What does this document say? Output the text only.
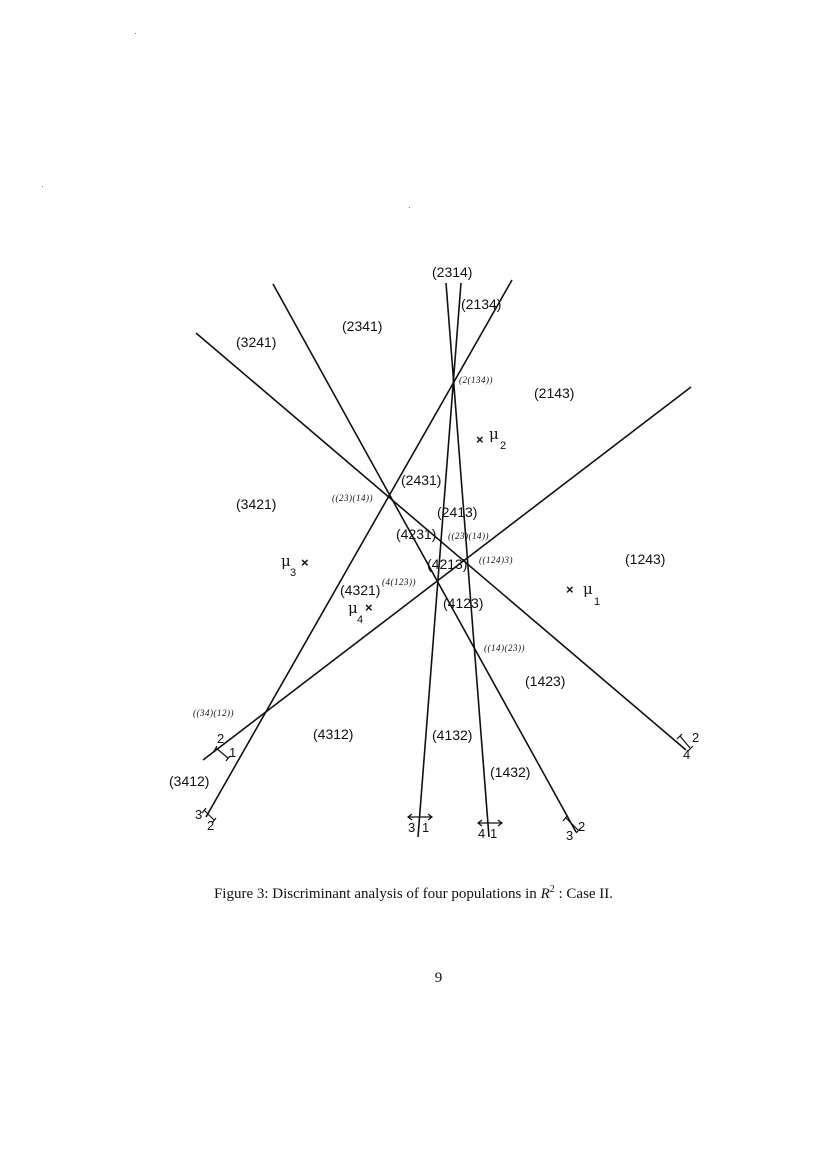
(2314)
(2134)
(2341)
(3241)
(2143)
(2431)
(3421)	(2413)
(4231)
(4213)	(1243)
(4321)
(4123)
(1423)
(4312)	(4132)
(1432)
(3412)
(2(134))
((23)(14))
((23)(14))
((124)3)
(4(123))
((14)(23))
((34)(12))
× μ
1
× μ
2
×
μ
3
×
μ
4
2
1
3
2	3 1	4 1	3
2
2
4
Figure 3: Discriminant analysis of four populations in $R^2$ : Case II.
9
